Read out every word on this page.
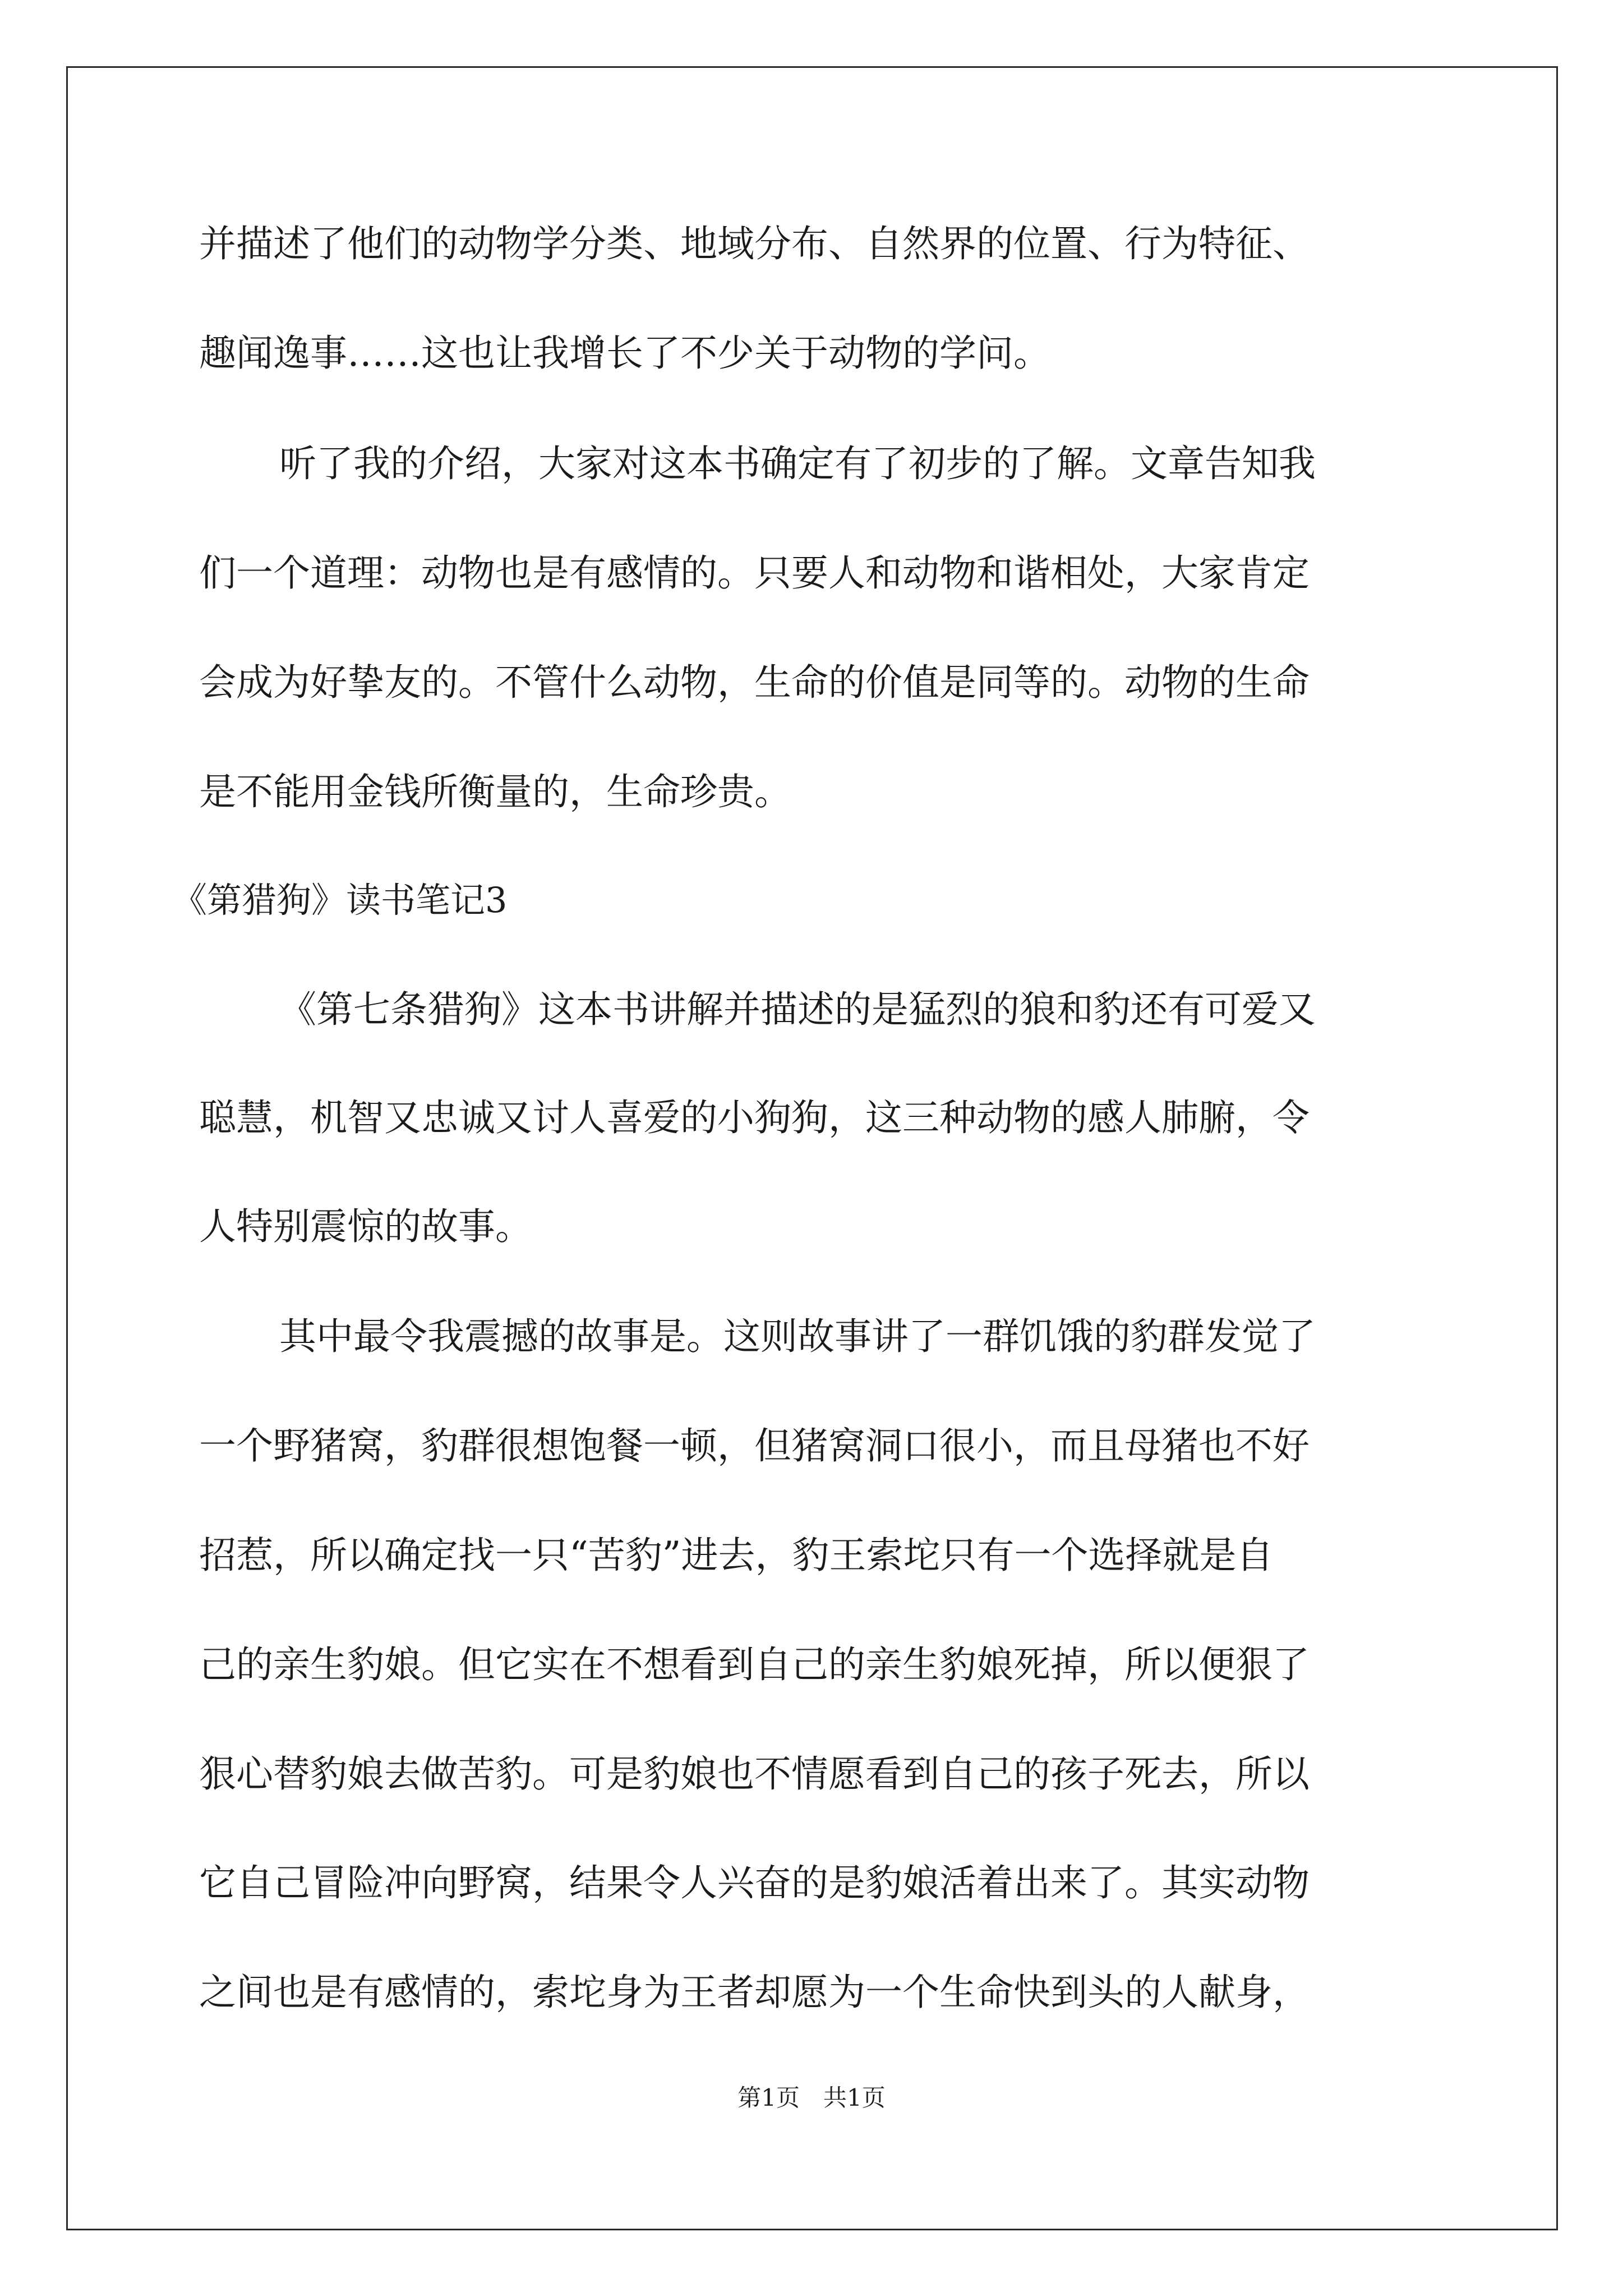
并描述了他们的动物学分类、地域分布、自然界的位置、行为特征、
趣闻逸事……这也让我增长了不少关于动物的学问。
听了我的介绍，大家对这本书确定有了初步的了解。文章告知我
们一个道理：动物也是有感情的。只要人和动物和谐相处，大家肯定
会成为好挚友的。不管什么动物，生命的价值是同等的。动物的生命
是不能用金钱所衡量的，生命珍贵。
《第猎狗》读书笔记3
《第七条猎狗》这本书讲解并描述的是猛烈的狼和豹还有可爱又
聪慧，机智又忠诚又讨人喜爱的小狗狗，这三种动物的感人肺腑，令
人特别震惊的故事。
其中最令我震撼的故事是。这则故事讲了一群饥饿的豹群发觉了
一个野猪窝，豹群很想饱餐一顿，但猪窝洞口很小，而且母猪也不好
招惹，所以确定找一只“苦豹”进去，豹王索坨只有一个选择就是自
己的亲生豹娘。但它实在不想看到自己的亲生豹娘死掉，所以便狠了
狠心替豹娘去做苦豹。可是豹娘也不情愿看到自己的孩子死去，所以
它自己冒险冲向野窝，结果令人兴奋的是豹娘活着出来了。其实动物
之间也是有感情的，索坨身为王者却愿为一个生命快到头的人献身，
第1页　共1页
